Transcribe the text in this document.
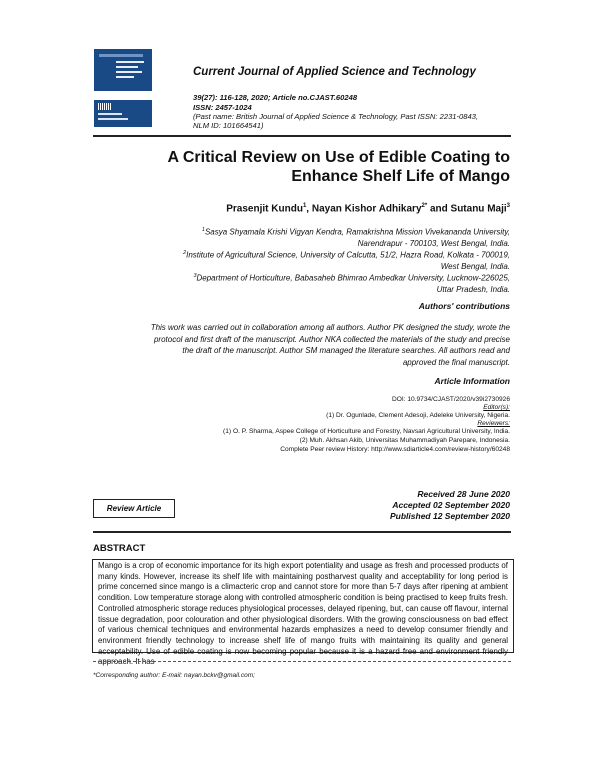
Current Journal of Applied Science and Technology
39(27): 116-128, 2020; Article no.CJAST.60248
ISSN: 2457-1024
(Past name: British Journal of Applied Science & Technology, Past ISSN: 2231-0843,
NLM ID: 101664541)
A Critical Review on Use of Edible Coating to
Enhance Shelf Life of Mango
Prasenjit Kundu$^1$, Nayan Kishor Adhikary$^{2*}$ and Sutanu Maji$^3$
$^1$Sasya Shyamala Krishi Vigyan Kendra, Ramakrishna Mission Vivekananda University,
Narendrapur - 700103, West Bengal, India.
$^2$Institute of Agricultural Science, University of Calcutta, 51/2, Hazra Road, Kolkata - 700019,
West Bengal, India.
$^3$Department of Horticulture, Babasaheb Bhimrao Ambedkar University, Lucknow-226025,
Uttar Pradesh, India.
Authors' contributions
This work was carried out in collaboration among all authors. Author PK designed the study, wrote the
protocol and first draft of the manuscript. Author NKA collected the materials of the study and precise
the draft of the manuscript. Author SM managed the literature searches. All authors read and
approved the final manuscript.
Article Information
DOI: 10.9734/CJAST/2020/v39i2730926
Editor(s):
(1) Dr. Ogunlade, Clement Adesoji, Adeleke University, Nigeria.
Reviewers:
(1) O. P. Sharma, Aspee College of Horticulture and Forestry, Navsari Agricultural University, India.
(2) Muh. Akhsan Akib, Universitas Muhammadiyah Parepare, Indonesia.
Complete Peer review History: http://www.sdiarticle4.com/review-history/60248
Review Article
Received 28 June 2020
Accepted 02 September 2020
Published 12 September 2020
ABSTRACT

Mango is a crop of economic importance for its high export potentiality and usage as fresh and processed products of many kinds. However, increase its shelf life with maintaining postharvest quality and acceptability for long period is prime concerned since mango is a climacteric crop and cannot store for more than 5-7 days after ripening at ambient condition. Low temperature storage along with controlled atmospheric condition is being practised to keep fruits fresh. Controlled atmospheric storage reduces physiological processes, delayed ripening, but, can cause off flavour, internal tissue degradation, poor colouration and other physiological disorders. With the growing consciousness on bad effect of various chemical techniques and environmental hazards emphasizes a need to develop consumer friendly and environment friendly technology to increase shelf life of mango fruits with maintaining its quality and general acceptability. Use of edible coating is now becoming popular because it is a hazard free and environment friendly approach. It has

*Corresponding author: E-mail: nayan.bckv@gmail.com;
